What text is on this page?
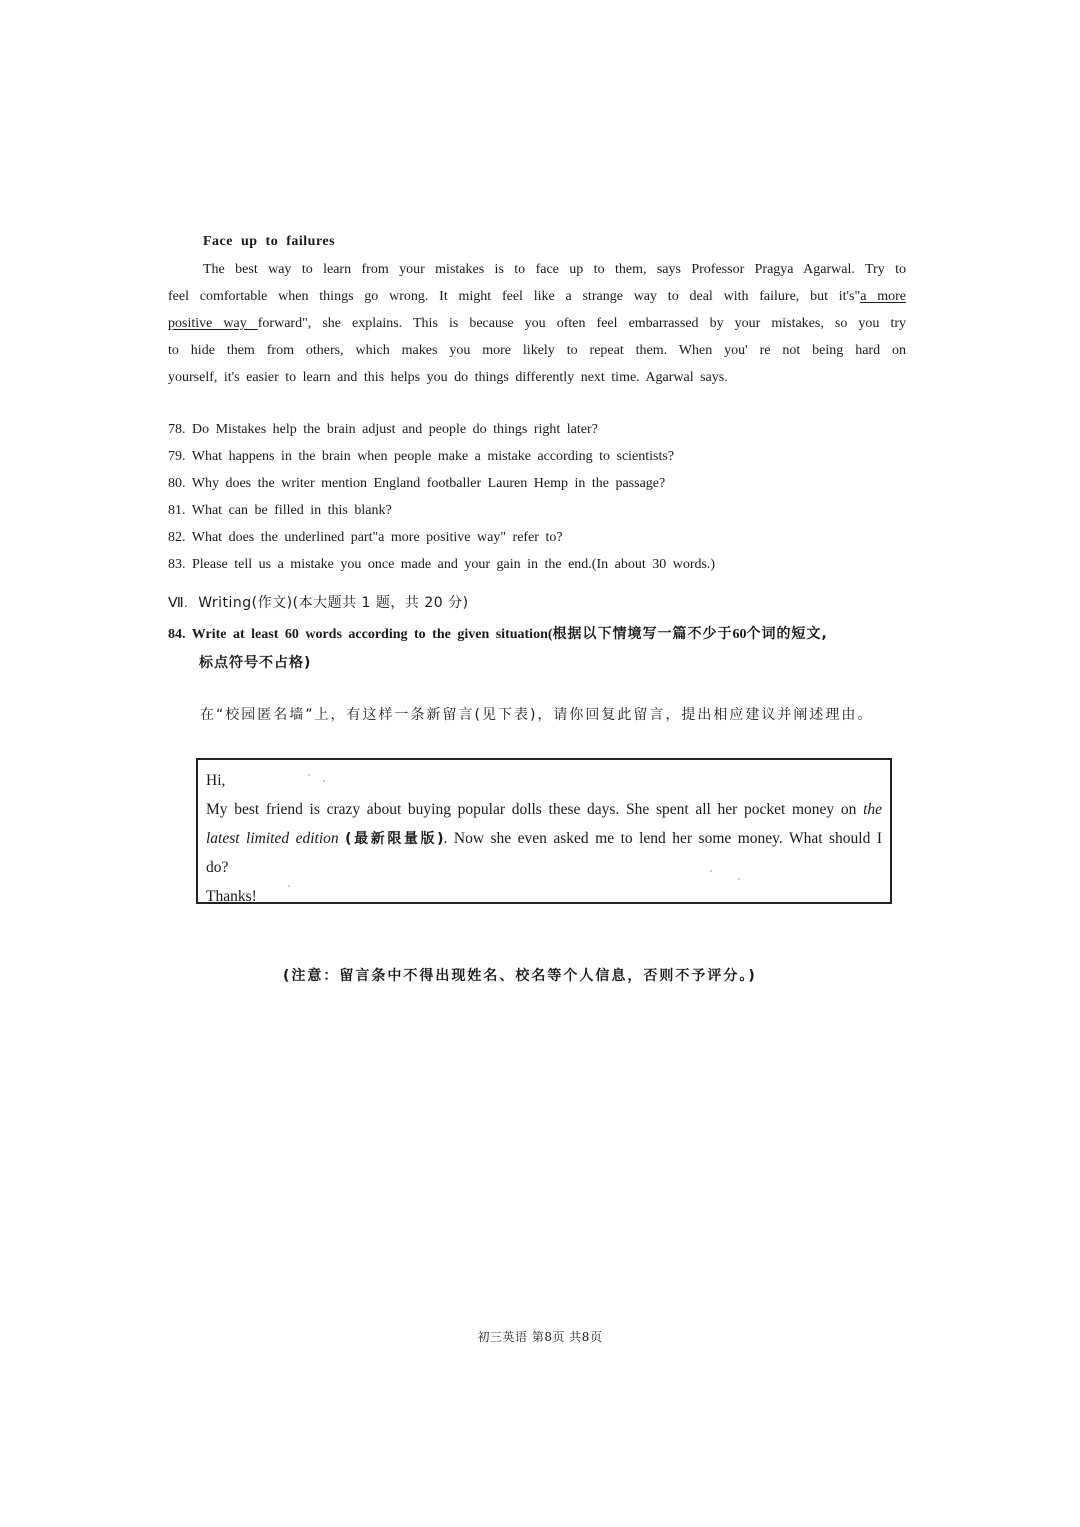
Face up to failures
The best way to learn from your mistakes is to face up to them, says Professor Pragya Agarwal. Try to
feel comfortable when things go wrong. It might feel like a strange way to deal with failure, but it's"a more
positive way forward", she explains. This is because you often feel embarrassed by your mistakes, so you try
to hide them from others, which makes you more likely to repeat them. When you' re not being hard on
yourself, it's easier to learn and this helps you do things differently next time. Agarwal says.
78. Do Mistakes help the brain adjust and people do things right later?
79. What happens in the brain when people make a mistake according to scientists?
80. Why does the writer mention England footballer Lauren Hemp in the passage?
81. What can be filled in this blank?
82. What does the underlined part"a more positive way" refer to?
83. Please tell us a mistake you once made and your gain in the end.(In about 30 words.)
Ⅶ. Writing(作文)(本大题共 1 题，共 20 分)
84. Write at least 60 words according to the given situation(根据以下情境写一篇不少于60个词的短文,
标点符号不占格)
在“校园匿名墙”上，有这样一条新留言(见下表)，请你回复此留言，提出相应建议并阐述理由。
Hi,
My best friend is crazy about buying popular dolls these days. She spent all her pocket money on the
latest limited edition (最新限量版). Now she even asked me to lend her some money. What should I
do?
Thanks!
(注意：留言条中不得出现姓名、校名等个人信息，否则不予评分。)
初三英语 第8页 共8页
